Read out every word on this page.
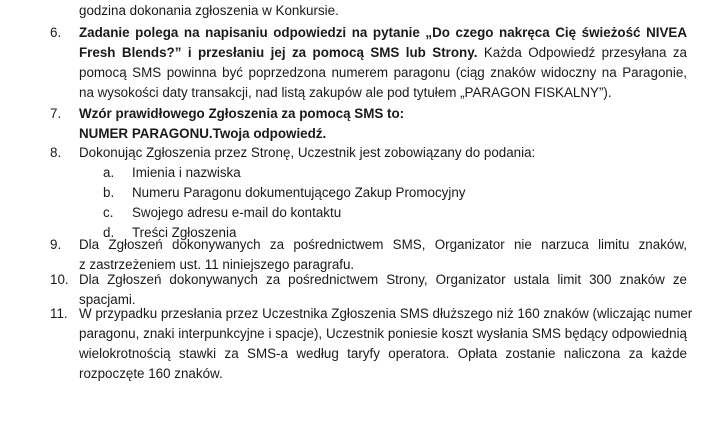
godzina dokonania zgłoszenia w Konkursie.
6. Zadanie polega na napisaniu odpowiedzi na pytanie „Do czego nakręca Cię świeżość NIVEA
Fresh Blends?” i przesłaniu jej za pomocą SMS lub Strony. Każda Odpowiedź przesyłana za
pomocą SMS powinna być poprzedzona numerem paragonu (ciąg znaków widoczny na Paragonie,
na wysokości daty transakcji, nad listą zakupów ale pod tytułem „PARAGON FISKALNY”).
7. Wzór prawidłowego Zgłoszenia za pomocą SMS to:
NUMER PARAGONU.Twoja odpowiedź.
8. Dokonując Zgłoszenia przez Stronę, Uczestnik jest zobowiązany do podania:
a. Imienia i nazwiska
b. Numeru Paragonu dokumentującego Zakup Promocyjny
c. Swojego adresu e-mail do kontaktu
d. Treści Zgłoszenia
9. Dla Zgłoszeń dokonywanych za pośrednictwem SMS, Organizator nie narzuca limitu znaków,
z zastrzeżeniem ust. 11 niniejszego paragrafu.
10. Dla Zgłoszeń dokonywanych za pośrednictwem Strony, Organizator ustala limit 300 znaków ze
spacjami.
11. W przypadku przesłania przez Uczestnika Zgłoszenia SMS dłuższego niż 160 znaków (wliczając numer
paragonu, znaki interpunkcyjne i spacje), Uczestnik poniesie koszt wysłania SMS będący odpowiednią
wielokrotnością stawki za SMS-a według taryfy operatora. Opłata zostanie naliczona za każde
rozpoczęte 160 znaków.
